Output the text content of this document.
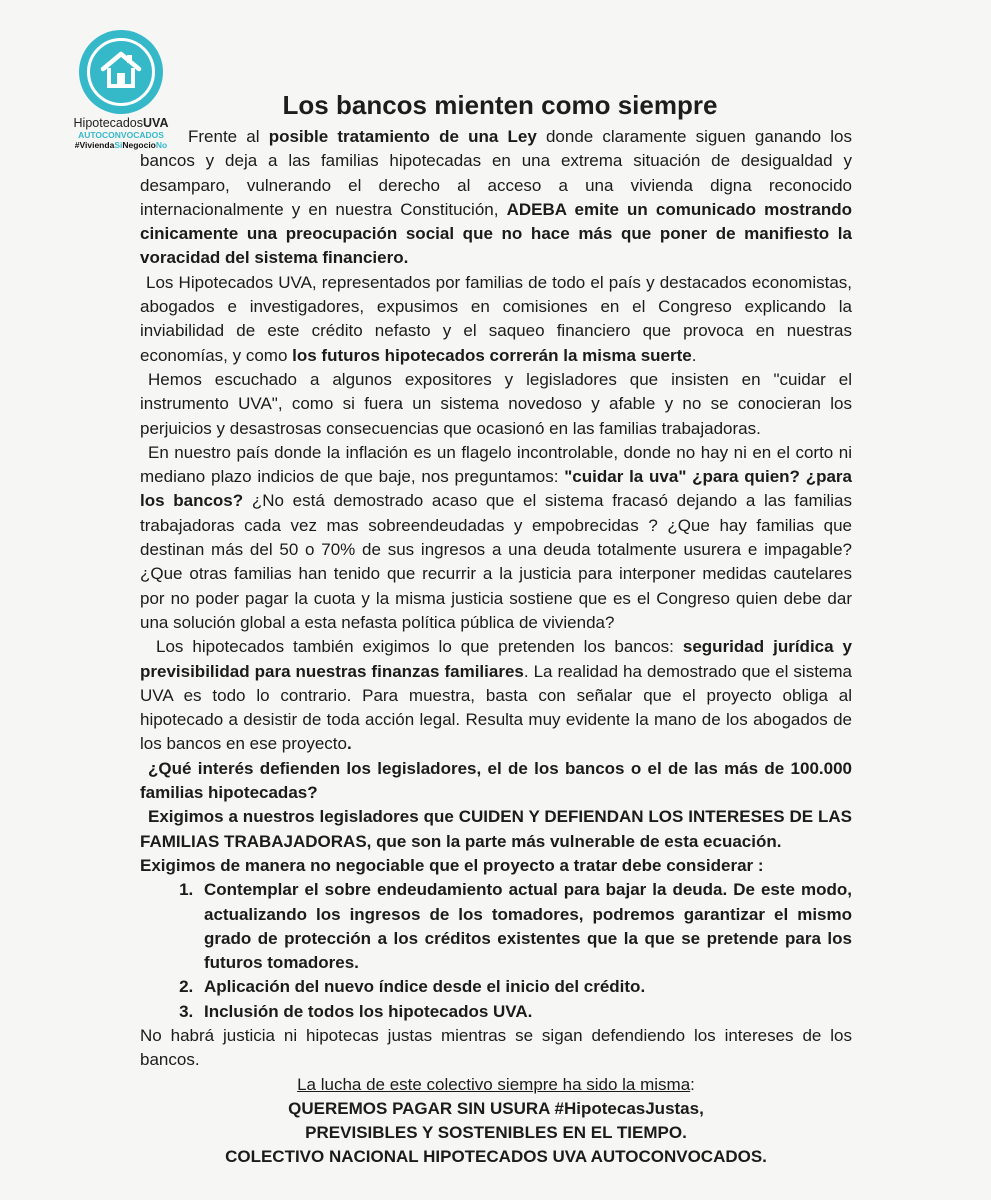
HipotecadosUVA
AUTOCONVOCADOS
#ViviendaSiNegocioNo
Los bancos mienten como siempre

Frente al posible tratamiento de una Ley donde claramente siguen ganando los bancos y deja a las familias hipotecadas en una extrema situación de desigualdad y desamparo, vulnerando el derecho al acceso a una vivienda digna reconocido internacionalmente y en nuestra Constitución, ADEBA emite un comunicado mostrando cinicamente una preocupación social que no hace más que poner de manifiesto la voracidad del sistema financiero.

Los Hipotecados UVA, representados por familias de todo el país y destacados economistas, abogados e investigadores, expusimos en comisiones en el Congreso explicando la inviabilidad de este crédito nefasto y el saqueo financiero que provoca en nuestras economías, y como los futuros hipotecados correrán la misma suerte.

Hemos escuchado a algunos expositores y legisladores que insisten en "cuidar el instrumento UVA", como si fuera un sistema novedoso y afable y no se conocieran los perjuicios y desastrosas consecuencias que ocasionó en las familias trabajadoras.

En nuestro país donde la inflación es un flagelo incontrolable, donde no hay ni en el corto ni mediano plazo indicios de que baje, nos preguntamos: "cuidar la uva" ¿para quien? ¿para los bancos? ¿No está demostrado acaso que el sistema fracasó dejando a las familias trabajadoras cada vez mas sobreendeudadas y empobrecidas ? ¿Que hay familias que destinan más del 50 o 70% de sus ingresos a una deuda totalmente usurera e impagable? ¿Que otras familias han tenido que recurrir a la justicia para interponer medidas cautelares por no poder pagar la cuota y la misma justicia sostiene que es el Congreso quien debe dar una solución global a esta nefasta política pública de vivienda?

Los hipotecados también exigimos lo que pretenden los bancos: seguridad jurídica y previsibilidad para nuestras finanzas familiares. La realidad ha demostrado que el sistema UVA es todo lo contrario. Para muestra, basta con señalar que el proyecto obliga al hipotecado a desistir de toda acción legal. Resulta muy evidente la mano de los abogados de los bancos en ese proyecto.

¿Qué interés defienden los legisladores, el de los bancos o el de las más de 100.000 familias hipotecadas?

Exigimos a nuestros legisladores que CUIDEN Y DEFIENDAN LOS INTERESES DE LAS FAMILIAS TRABAJADORAS, que son la parte más vulnerable de esta ecuación.

Exigimos de manera no negociable que el proyecto a tratar debe considerar :

1. Contemplar el sobre endeudamiento actual para bajar la deuda. De este modo, actualizando los ingresos de los tomadores, podremos garantizar el mismo grado de protección a los créditos existentes que la que se pretende para los futuros tomadores.
2. Aplicación del nuevo índice desde el inicio del crédito.
3. Inclusión de todos los hipotecados UVA.

No habrá justicia ni hipotecas justas mientras se sigan defendiendo los intereses de los bancos.

La lucha de este colectivo siempre ha sido la misma:

QUEREMOS PAGAR SIN USURA #HipotecasJustas,

PREVISIBLES Y SOSTENIBLES EN EL TIEMPO.

COLECTIVO NACIONAL HIPOTECADOS UVA AUTOCONVOCADOS.
